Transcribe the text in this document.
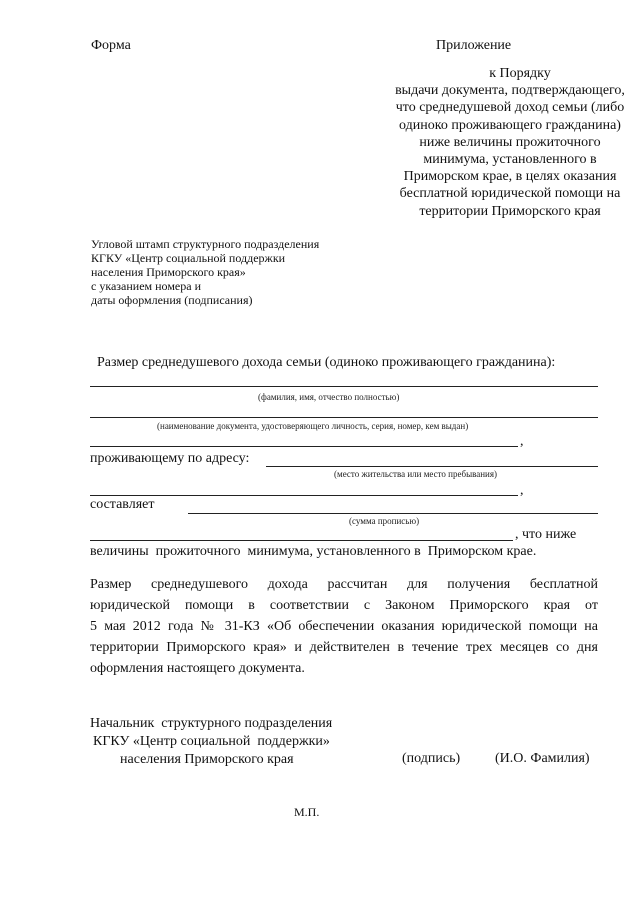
Форма	Приложение
к Порядку
выдачи документа, подтверждающего,
что среднедушевой доход семьи (либо
одиноко проживающего гражданина)
ниже величины прожиточного
минимума, установленного в
Приморском крае, в целях оказания
бесплатной юридической помощи на
территории Приморского края
Угловой штамп структурного подразделения
КГКУ «Центр социальной поддержки
населения Приморского края»
с указанием номера и
даты оформления (подписания)
Размер среднедушевого дохода семьи (одиноко проживающего гражданина):
(фамилия, имя, отчество полностью)
(наименование документа, удостоверяющего личность, серия, номер, кем выдан)
,
проживающему по адресу:
(место жительства или место пребывания)
,
составляет
(сумма прописью)
, что ниже
величины  прожиточного  минимума, установленного в  Приморском крае.
Размер среднедушевого дохода рассчитан для получения бесплатной
юридической помощи в соответствии с Законом Приморского края от
5 мая 2012 года № 31-КЗ «Об обеспечении оказания юридической помощи на
территории Приморского края» и действителен в течение трех месяцев со дня
оформления настоящего документа.
Начальник  структурного подразделения
КГКУ «Центр социальной  поддержки»
населения Приморского края	(подпись) (И.О. Фамилия)
М.П.
